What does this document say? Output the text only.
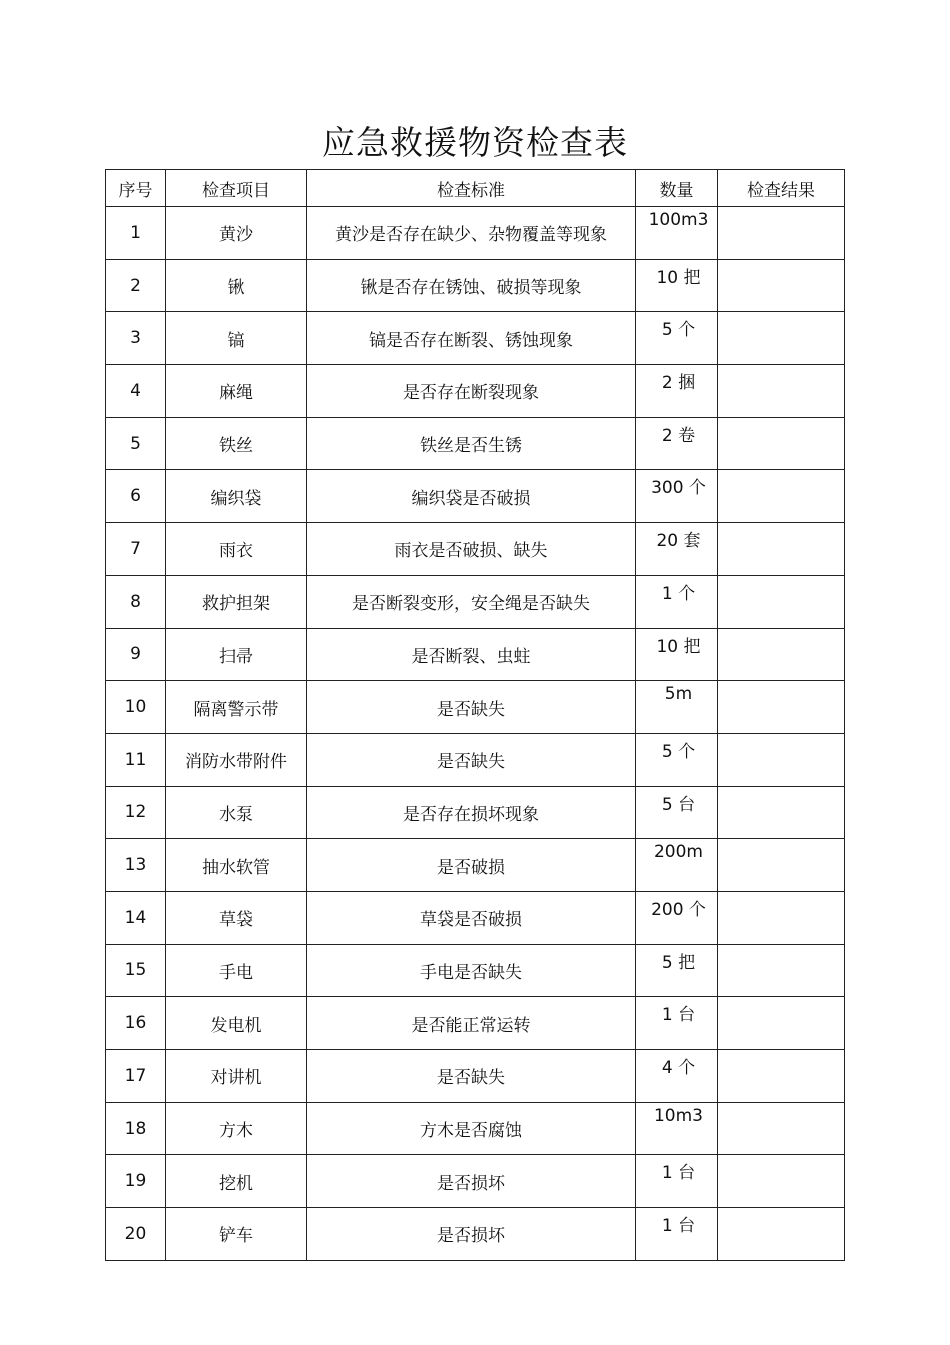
应急救援物资检查表
序号	检查项目	检查标准	数量	检查结果
1	黄沙	黄沙是否存在缺少、杂物覆盖等现象	100m3	
2	锹	锹是否存在锈蚀、破损等现象	10 把	
3	镐	镐是否存在断裂、锈蚀现象	5 个	
4	麻绳	是否存在断裂现象	2 捆	
5	铁丝	铁丝是否生锈	2 卷	
6	编织袋	编织袋是否破损	300 个	
7	雨衣	雨衣是否破损、缺失	20 套	
8	救护担架	是否断裂变形，安全绳是否缺失	1 个	
9	扫帚	是否断裂、虫蛀	10 把	
10	隔离警示带	是否缺失	5m	
11	消防水带附件	是否缺失	5 个	
12	水泵	是否存在损坏现象	5 台	
13	抽水软管	是否破损	200m	
14	草袋	草袋是否破损	200 个	
15	手电	手电是否缺失	5 把	
16	发电机	是否能正常运转	1 台	
17	对讲机	是否缺失	4 个	
18	方木	方木是否腐蚀	10m3	
19	挖机	是否损坏	1 台	
20	铲车	是否损坏	1 台	
